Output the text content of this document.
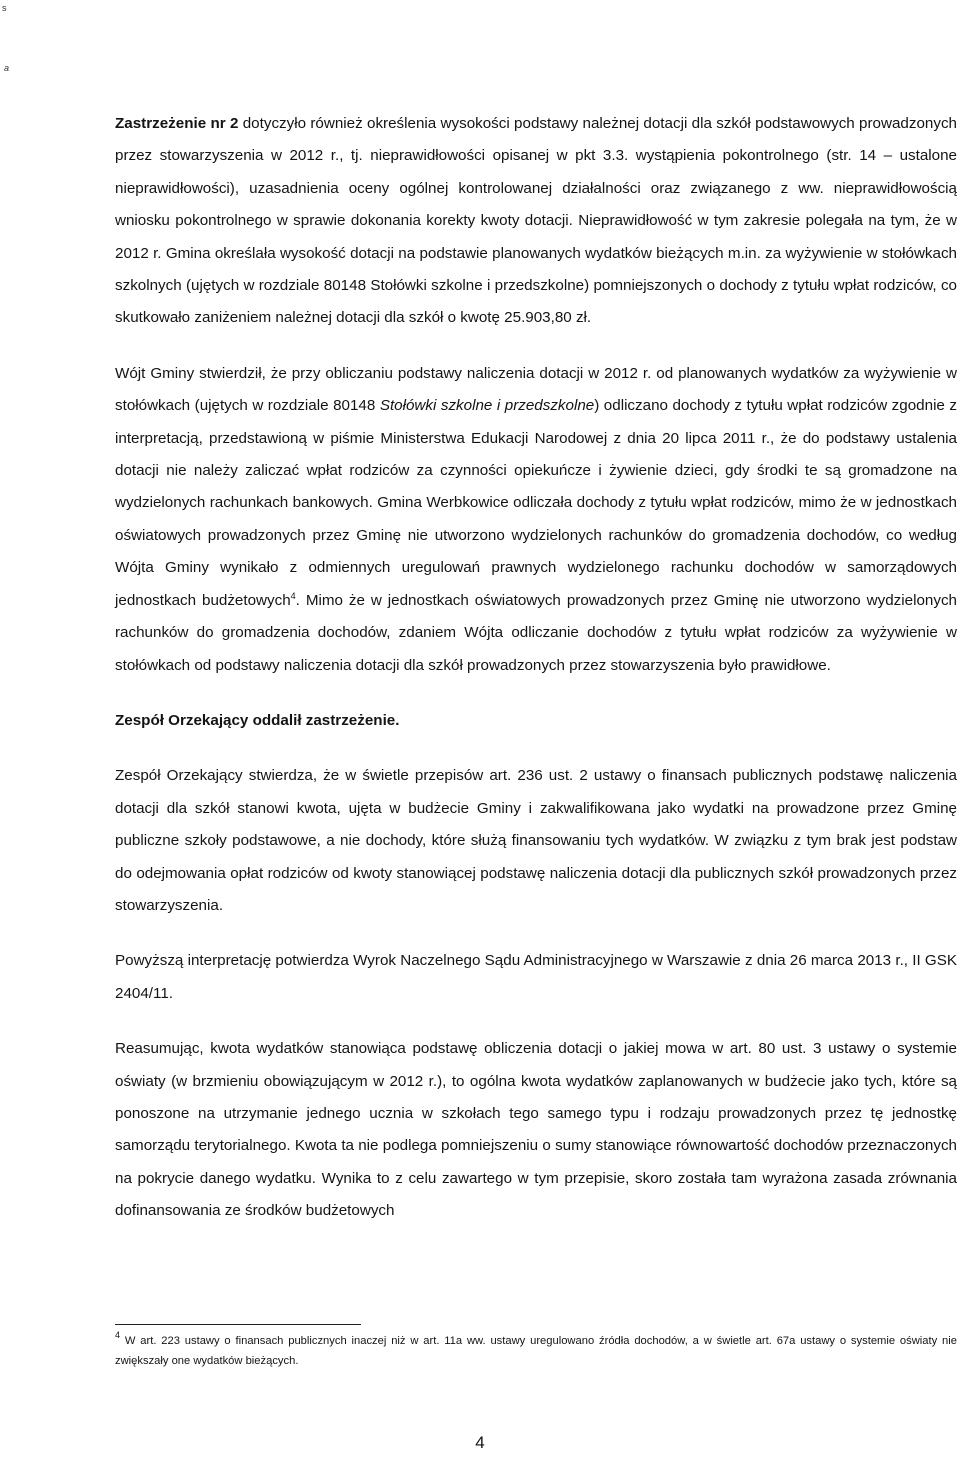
s
a

Zastrzeżenie nr 2 dotyczyło również określenia wysokości podstawy należnej dotacji dla szkół podstawowych prowadzonych przez stowarzyszenia w 2012 r., tj. nieprawidłowości opisanej w pkt 3.3. wystąpienia pokontrolnego (str. 14 – ustalone nieprawidłowości), uzasadnienia oceny ogólnej kontrolowanej działalności oraz związanego z ww. nieprawidłowością wniosku pokontrolnego w sprawie dokonania korekty kwoty dotacji. Nieprawidłowość w tym zakresie polegała na tym, że w 2012 r. Gmina określała wysokość dotacji na podstawie planowanych wydatków bieżących m.in. za wyżywienie w stołówkach szkolnych (ujętych w rozdziale 80148 Stołówki szkolne i przedszkolne) pomniejszonych o dochody z tytułu wpłat rodziców, co skutkowało zaniżeniem należnej dotacji dla szkół o kwotę 25.903,80 zł.

Wójt Gminy stwierdził, że przy obliczaniu podstawy naliczenia dotacji w 2012 r. od planowanych wydatków za wyżywienie w stołówkach (ujętych w rozdziale 80148 Stołówki szkolne i przedszkolne) odliczano dochody z tytułu wpłat rodziców zgodnie z interpretacją, przedstawioną w piśmie Ministerstwa Edukacji Narodowej z dnia 20 lipca 2011 r., że do podstawy ustalenia dotacji nie należy zaliczać wpłat rodziców za czynności opiekuńcze i żywienie dzieci, gdy środki te są gromadzone na wydzielonych rachunkach bankowych. Gmina Werbkowice odliczała dochody z tytułu wpłat rodziców, mimo że w jednostkach oświatowych prowadzonych przez Gminę nie utworzono wydzielonych rachunków do gromadzenia dochodów, co według Wójta Gminy wynikało z odmiennych uregulowań prawnych wydzielonego rachunku dochodów w samorządowych jednostkach budżetowych$^4$. Mimo że w jednostkach oświatowych prowadzonych przez Gminę nie utworzono wydzielonych rachunków do gromadzenia dochodów, zdaniem Wójta odliczanie dochodów z tytułu wpłat rodziców za wyżywienie w stołówkach od podstawy naliczenia dotacji dla szkół prowadzonych przez stowarzyszenia było prawidłowe.

Zespół Orzekający oddalił zastrzeżenie.

Zespół Orzekający stwierdza, że w świetle przepisów art. 236 ust. 2 ustawy o finansach publicznych podstawę naliczenia dotacji dla szkół stanowi kwota, ujęta w budżecie Gminy i zakwalifikowana jako wydatki na prowadzone przez Gminę publiczne szkoły podstawowe, a nie dochody, które służą finansowaniu tych wydatków. W związku z tym brak jest podstaw do odejmowania opłat rodziców od kwoty stanowiącej podstawę naliczenia dotacji dla publicznych szkół prowadzonych przez stowarzyszenia.

Powyższą interpretację potwierdza Wyrok Naczelnego Sądu Administracyjnego w Warszawie z dnia 26 marca 2013 r., II GSK 2404/11.

Reasumując, kwota wydatków stanowiąca podstawę obliczenia dotacji o jakiej mowa w art. 80 ust. 3 ustawy o systemie oświaty (w brzmieniu obowiązującym w 2012 r.), to ogólna kwota wydatków zaplanowanych w budżecie jako tych, które są ponoszone na utrzymanie jednego ucznia w szkołach tego samego typu i rodzaju prowadzonych przez tę jednostkę samorządu terytorialnego. Kwota ta nie podlega pomniejszeniu o sumy stanowiące równowartość dochodów przeznaczonych na pokrycie danego wydatku. Wynika to z celu zawartego w tym przepisie, skoro została tam wyrażona zasada zrównania dofinansowania ze środków budżetowych

$^4$ W art. 223 ustawy o finansach publicznych inaczej niż w art. 11a ww. ustawy uregulowano źródła dochodów, a w świetle art. 67a ustawy o systemie oświaty nie zwiększały one wydatków bieżących.
4
